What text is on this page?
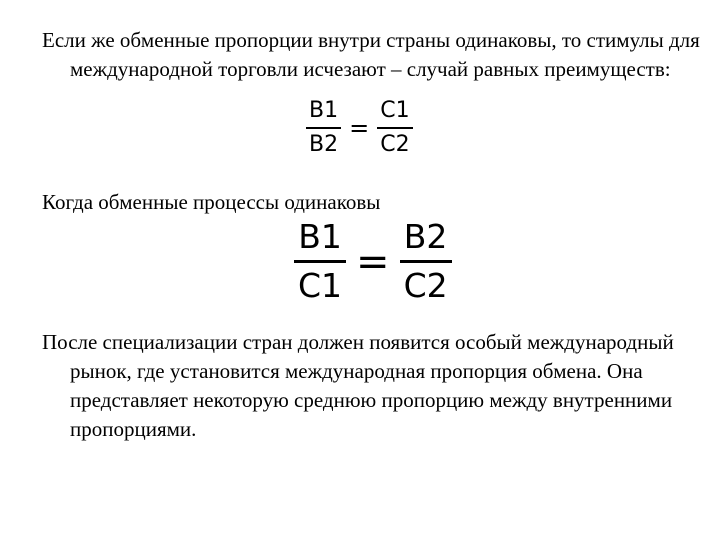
Если же обменные пропорции внутри страны одинаковы, то стимулы для международной торговли исчезают – случай равных преимуществ:

$\frac{B1}{B2} = \frac{C1}{C2}$

Когда обменные процессы одинаковы

$\frac{B1}{C1} = \frac{B2}{C2}$

После специализации стран должен появится особый международный рынок, где установится международная пропорция обмена. Она представляет некоторую среднюю пропорцию между внутренними пропорциями.
